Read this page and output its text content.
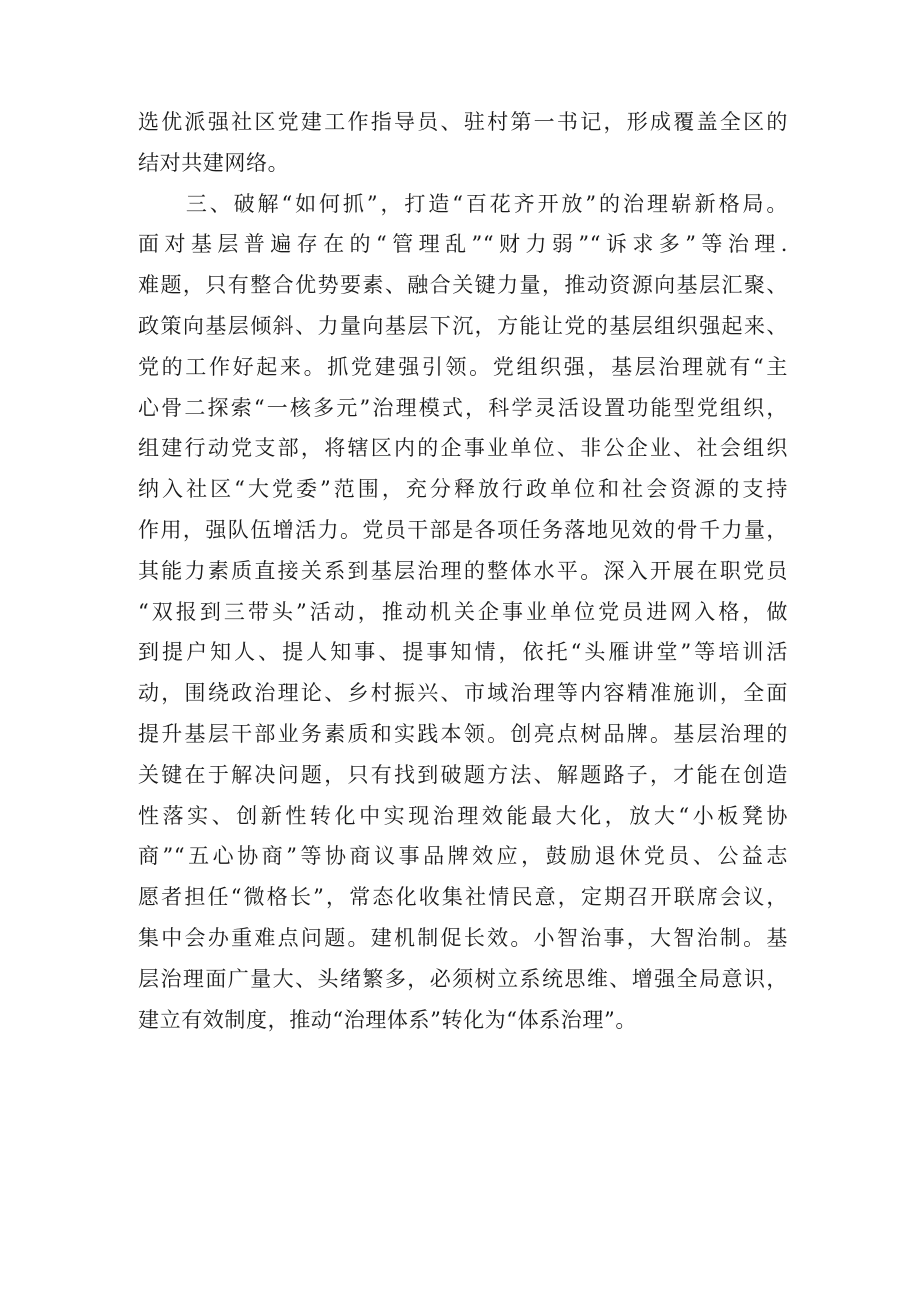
选优派强社区党建工作指导员、驻村第一书记，形成覆盖全区的
结对共建网络。
　　三、破解“如何抓”，打造“百花齐开放”的治理崭新格局。
面对基层普遍存在的“管理乱”“财力弱”“诉求多”等治理.
难题，只有整合优势要素、融合关键力量，推动资源向基层汇聚、
政策向基层倾斜、力量向基层下沉，方能让党的基层组织强起来、
党的工作好起来。抓党建强引领。党组织强，基层治理就有“主
心骨二探索“一核多元”治理模式，科学灵活设置功能型党组织，
组建行动党支部，将辖区内的企事业单位、非公企业、社会组织
纳入社区“大党委”范围，充分释放行政单位和社会资源的支持
作用，强队伍增活力。党员干部是各项任务落地见效的骨千力量，
其能力素质直接关系到基层治理的整体水平。深入开展在职党员
“双报到三带头”活动，推动机关企事业单位党员进网入格，做
到提户知人、提人知事、提事知情，依托“头雁讲堂”等培训活
动，围绕政治理论、乡村振兴、市域治理等内容精准施训，全面
提升基层干部业务素质和实践本领。创亮点树品牌。基层治理的
关键在于解决问题，只有找到破题方法、解题路子，才能在创造
性落实、创新性转化中实现治理效能最大化，放大“小板凳协
商”“五心协商”等协商议事品牌效应，鼓励退休党员、公益志
愿者担任“微格长”，常态化收集社情民意，定期召开联席会议，
集中会办重难点问题。建机制促长效。小智治事，大智治制。基
层治理面广量大、头绪繁多，必须树立系统思维、增强全局意识，
建立有效制度，推动“治理体系”转化为“体系治理”。
